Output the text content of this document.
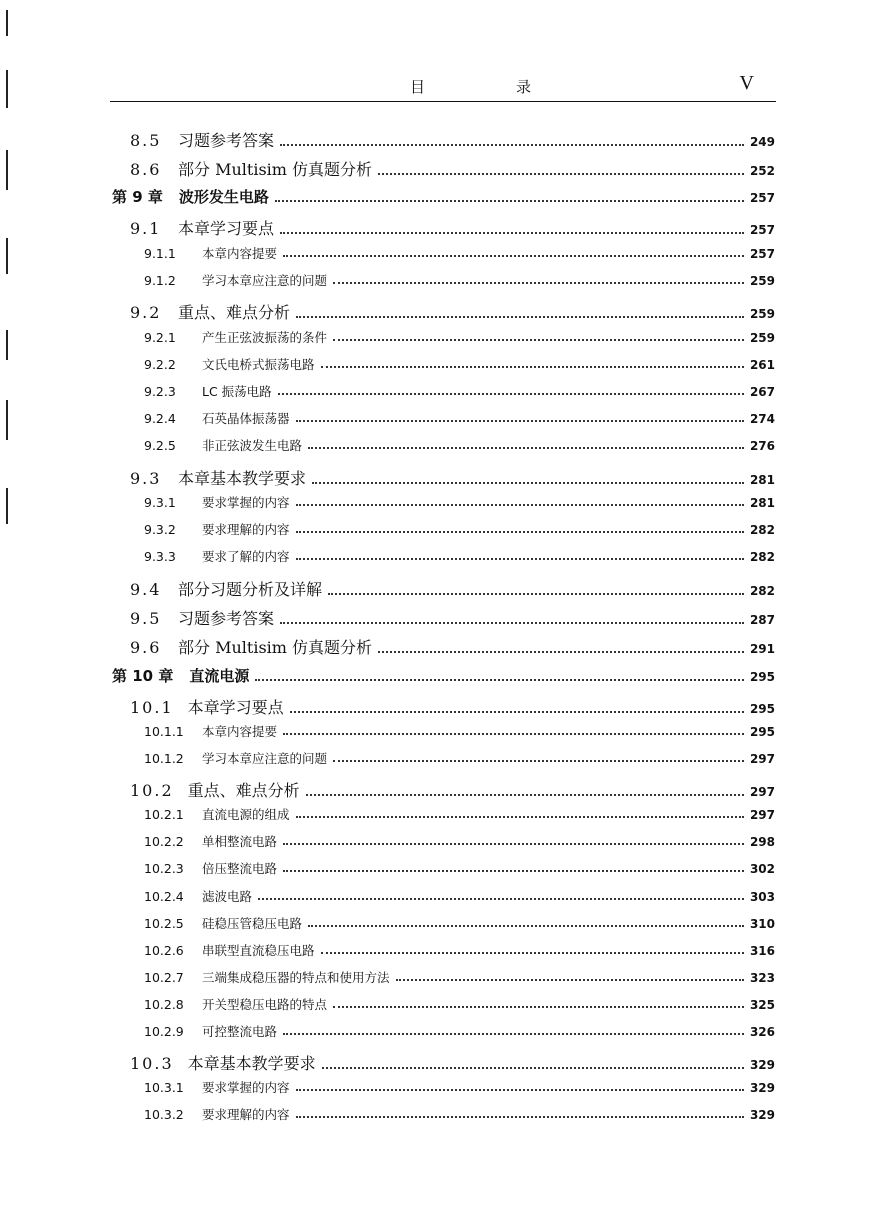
目　录	V
8.5 习题参考答案	249
8.6 部分 Multisim 仿真题分析	252
第 9 章 波形发生电路	257
9.1 本章学习要点	257
9.1.1	本章内容提要	257
9.1.2	学习本章应注意的问题	259
9.2 重点、难点分析	259
9.2.1	产生正弦波振荡的条件	259
9.2.2	文氏电桥式振荡电路	261
9.2.3	LC 振荡电路	267
9.2.4	石英晶体振荡器	274
9.2.5	非正弦波发生电路	276
9.3 本章基本教学要求	281
9.3.1	要求掌握的内容	281
9.3.2	要求理解的内容	282
9.3.3	要求了解的内容	282
9.4 部分习题分析及详解	282
9.5 习题参考答案	287
9.6 部分 Multisim 仿真题分析	291
第 10 章 直流电源	295
10.1 本章学习要点	295
10.1.1	本章内容提要	295
10.1.2	学习本章应注意的问题	297
10.2 重点、难点分析	297
10.2.1	直流电源的组成	297
10.2.2	单相整流电路	298
10.2.3	倍压整流电路	302
10.2.4	滤波电路	303
10.2.5	硅稳压管稳压电路	310
10.2.6	串联型直流稳压电路	316
10.2.7	三端集成稳压器的特点和使用方法	323
10.2.8	开关型稳压电路的特点	325
10.2.9	可控整流电路	326
10.3 本章基本教学要求	329
10.3.1	要求掌握的内容	329
10.3.2	要求理解的内容	329
